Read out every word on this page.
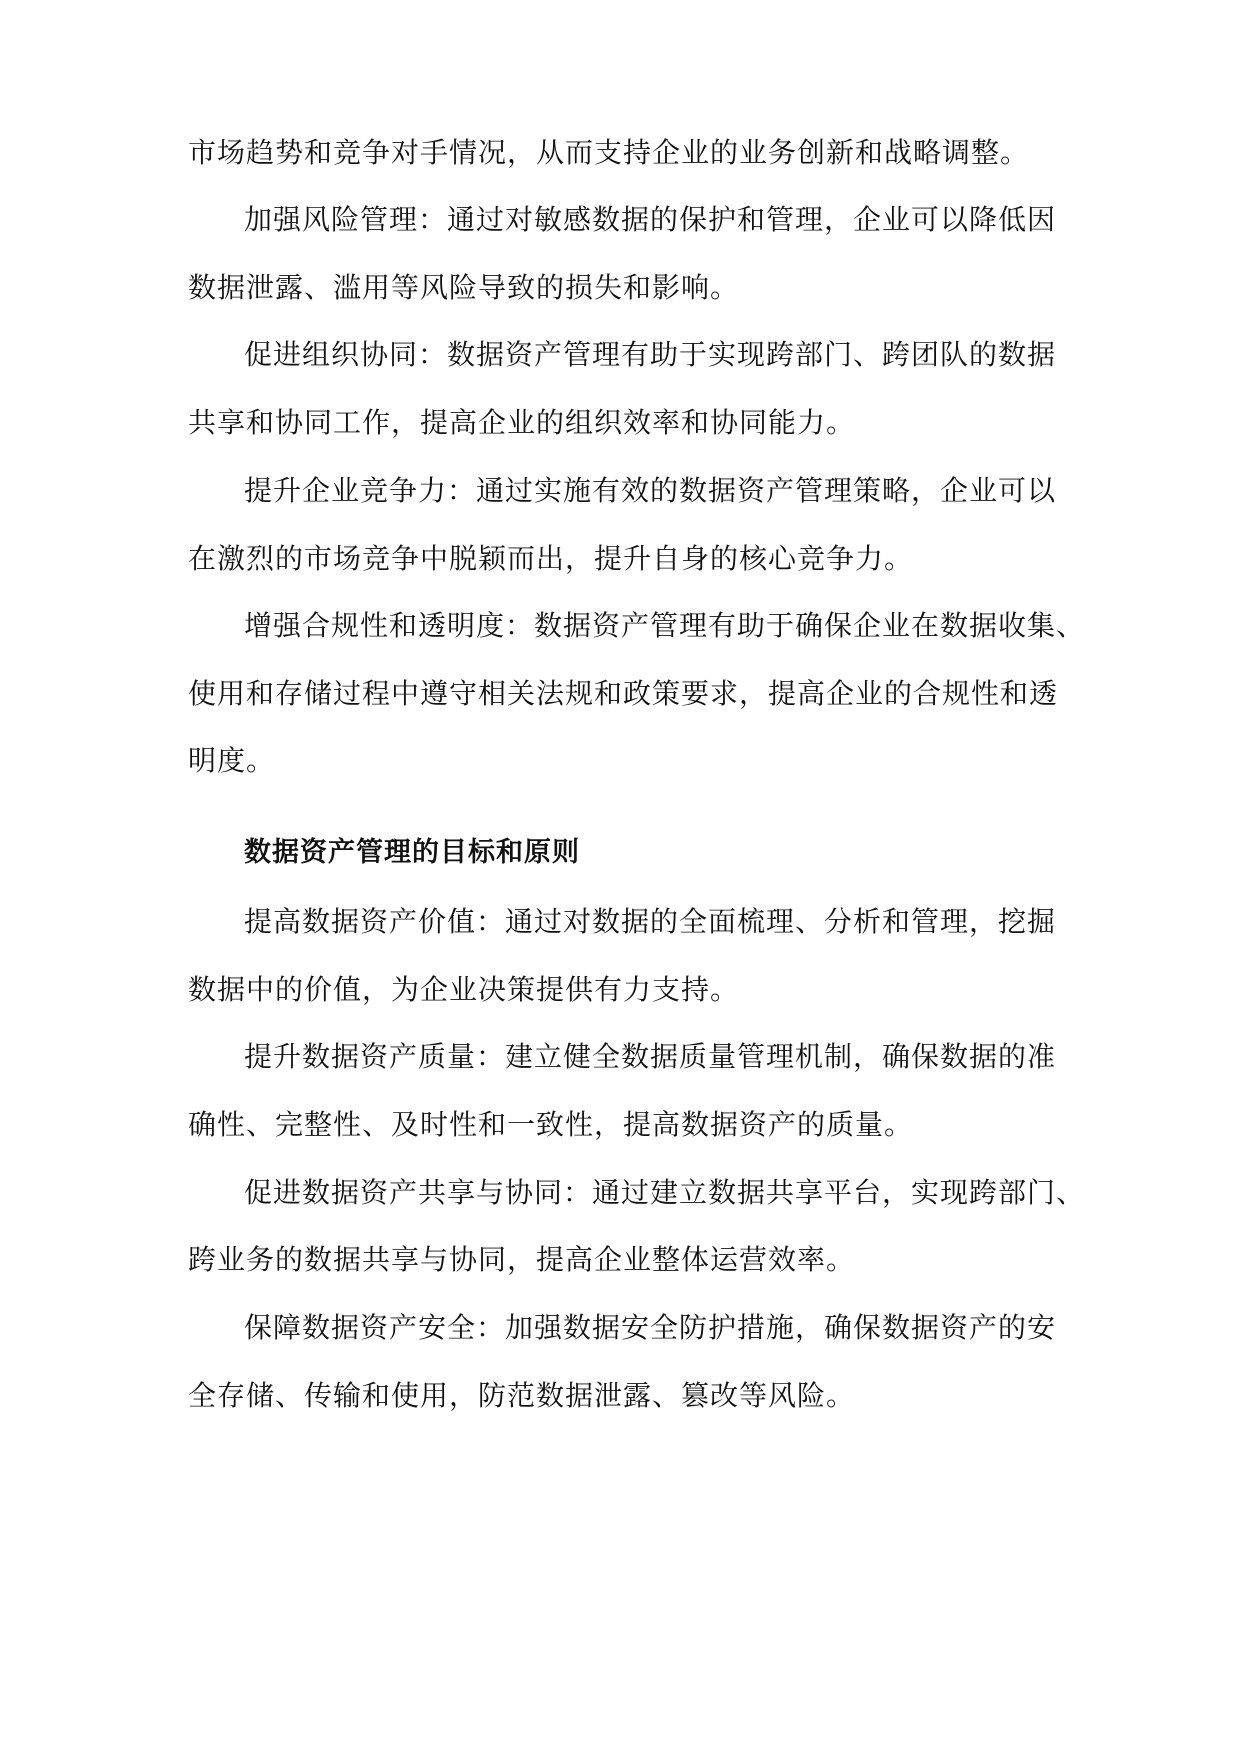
市场趋势和竞争对手情况，从而支持企业的业务创新和战略调整。
加强风险管理：通过对敏感数据的保护和管理，企业可以降低因
数据泄露、滥用等风险导致的损失和影响。
促进组织协同：数据资产管理有助于实现跨部门、跨团队的数据
共享和协同工作，提高企业的组织效率和协同能力。
提升企业竞争力：通过实施有效的数据资产管理策略，企业可以
在激烈的市场竞争中脱颖而出，提升自身的核心竞争力。
增强合规性和透明度：数据资产管理有助于确保企业在数据收集、
使用和存储过程中遵守相关法规和政策要求，提高企业的合规性和透
明度。
数据资产管理的目标和原则
提高数据资产价值：通过对数据的全面梳理、分析和管理，挖掘
数据中的价值，为企业决策提供有力支持。
提升数据资产质量：建立健全数据质量管理机制，确保数据的准
确性、完整性、及时性和一致性，提高数据资产的质量。
促进数据资产共享与协同：通过建立数据共享平台，实现跨部门、
跨业务的数据共享与协同，提高企业整体运营效率。
保障数据资产安全：加强数据安全防护措施，确保数据资产的安
全存储、传输和使用，防范数据泄露、篡改等风险。
